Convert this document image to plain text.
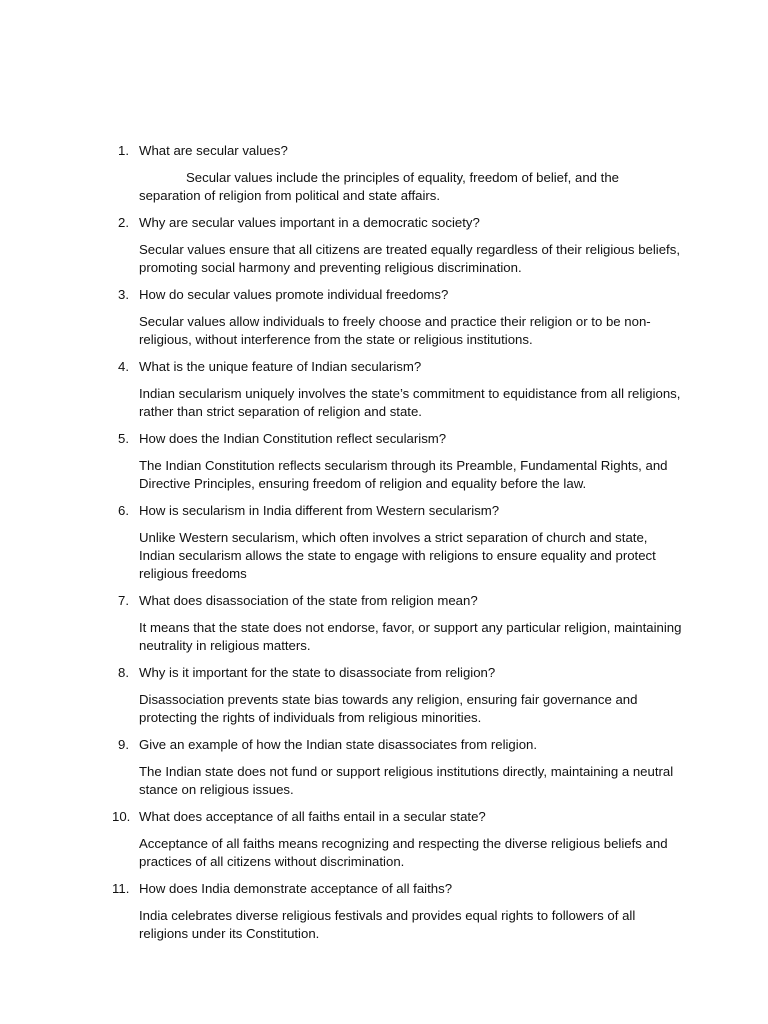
1. What are secular values?

Secular values include the principles of equality, freedom of belief, and the separation of religion from political and state affairs.

2. Why are secular values important in a democratic society?

Secular values ensure that all citizens are treated equally regardless of their religious beliefs, promoting social harmony and preventing religious discrimination.

3. How do secular values promote individual freedoms?

Secular values allow individuals to freely choose and practice their religion or to be non-religious, without interference from the state or religious institutions.

4. What is the unique feature of Indian secularism?

Indian secularism uniquely involves the state’s commitment to equidistance from all religions, rather than strict separation of religion and state.

5. How does the Indian Constitution reflect secularism?

The Indian Constitution reflects secularism through its Preamble, Fundamental Rights, and Directive Principles, ensuring freedom of religion and equality before the law.

6. How is secularism in India different from Western secularism?

Unlike Western secularism, which often involves a strict separation of church and state, Indian secularism allows the state to engage with religions to ensure equality and protect religious freedoms

7. What does disassociation of the state from religion mean?

It means that the state does not endorse, favor, or support any particular religion, maintaining neutrality in religious matters.

8. Why is it important for the state to disassociate from religion?

Disassociation prevents state bias towards any religion, ensuring fair governance and protecting the rights of individuals from religious minorities.

9. Give an example of how the Indian state disassociates from religion.

The Indian state does not fund or support religious institutions directly, maintaining a neutral stance on religious issues.

10. What does acceptance of all faiths entail in a secular state?

Acceptance of all faiths means recognizing and respecting the diverse religious beliefs and practices of all citizens without discrimination.

11. How does India demonstrate acceptance of all faiths?

India celebrates diverse religious festivals and provides equal rights to followers of all religions under its Constitution.
